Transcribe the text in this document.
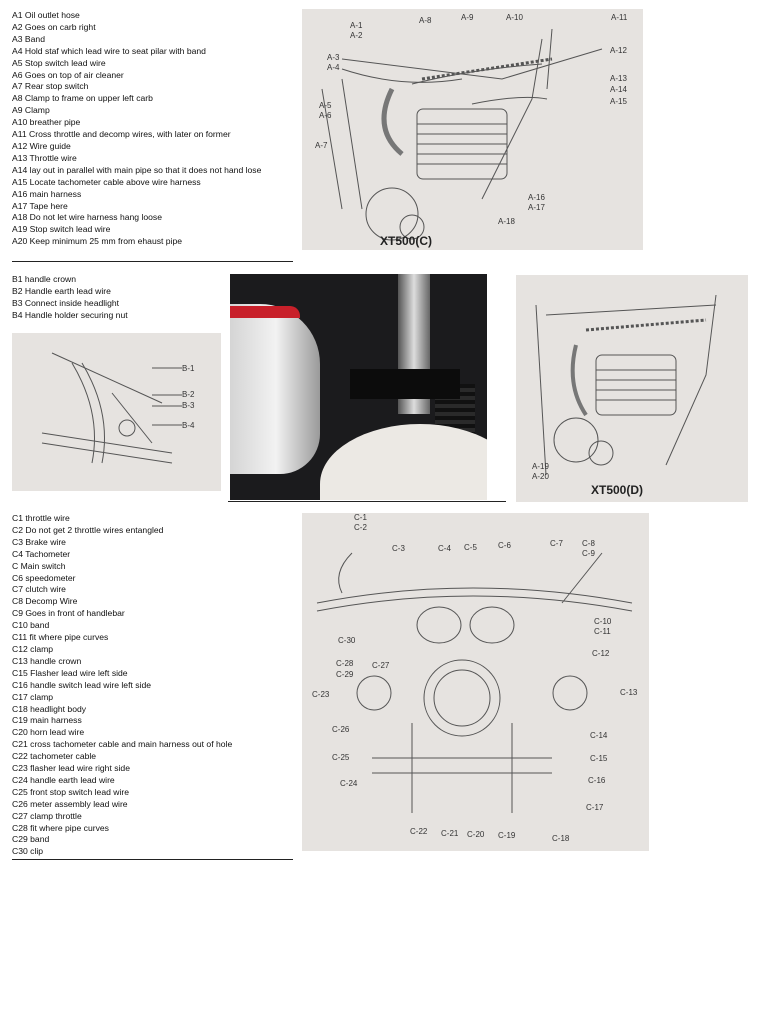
A1 Oil outlet hose
A2 Goes on carb right
A3 Band
A4 Hold staf which lead wire to seat pilar with band
A5 Stop switch lead wire
A6 Goes on top of air cleaner
A7 Rear stop switch
A8 Clamp to frame on upper left carb
A9 Clamp
A10 breather pipe
A11 Cross throttle and decomp wires, with later on former
A12 Wire guide
A13 Throttle wire
A14 lay out in parallel with main pipe so that it does not hand lose
A15 Locate tachometer cable above wire harness
A16 main harness
A17 Tape here
A18 Do not let wire harness hang loose
A19 Stop switch lead wire
A20 Keep minimum 25 mm from ehaust pipe
A-1
A-2
A-3
A-4
A-5
A-6
A-7
A-8	A-9	A-10	A-11
A-12
A-13
A-14
A-15
A-16
A-17
A-18
XT500(C)
B1 handle crown
B2 Handle earth lead wire
B3 Connect inside headlight
B4 Handle holder securing nut
B-1
B-2
B-3
B-4
A-19
A-20
XT500(D)
C1 throttle wire
C2 Do not get 2 throttle wires entangled
C3 Brake wire
C4 Tachometer
C Main switch
C6 speedometer
C7 clutch wire
C8 Decomp Wire
C9 Goes in front of handlebar
C10 band
C11 fit where pipe curves
C12 clamp
C13 handle crown
C15 Flasher lead wire left side
C16 handle switch lead wire left side
C17 clamp
C18 headlight body
C19 main harness
C20 horn lead wire
C21 cross tachometer cable and main harness out of hole
C22 tachometer cable
C23 flasher lead wire right side
C24 handle earth lead wire
C25 front stop switch lead wire
C26 meter assembly lead wire
C27 clamp throttle
C28 fit where pipe curves
C29 band
C30 clip
C-1
C-2
C-3	C-4 C-5	C-6	C-7 C-8
C-9
C-10
C-11
C-12
C-13
C-14
C-15
C-16
C-17
C-18
C-19
C-20
C-21
C-22
C-23
C-24
C-25
C-26
C-27
C-28
C-29
C-30
